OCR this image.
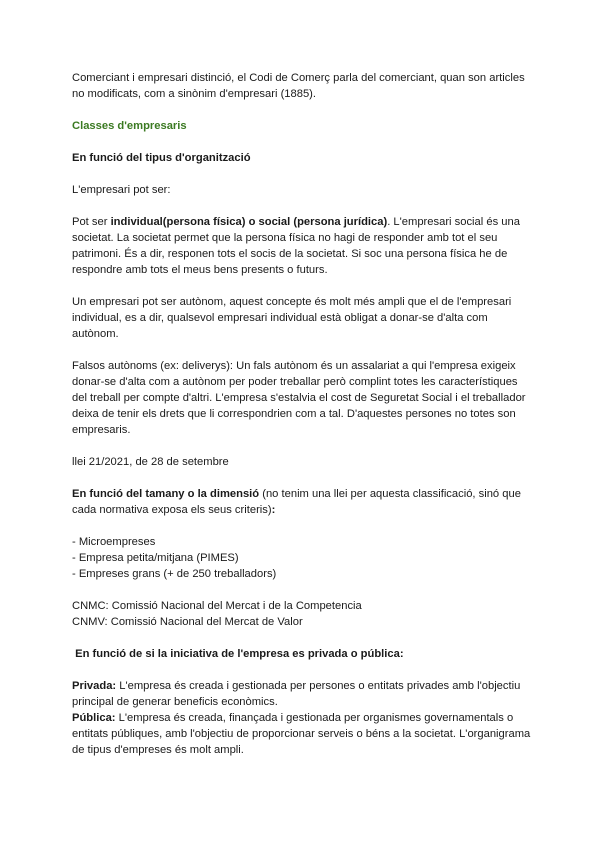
Comerciant i empresari distinció, el Codi de Comerç parla del comerciant, quan son articles no modificats, com a sinònim d'empresari (1885).

Classes d'empresaris

En funció del tipus d'organització

L'empresari pot ser:

Pot ser individual(persona física) o social (persona jurídica). L'empresari social és una societat. La societat permet que la persona física no hagi de responder amb tot el seu patrimoni. És a dir, responen tots el socis de la societat. Si soc una persona física he de respondre amb tots el meus bens presents o futurs.

Un empresari pot ser autònom, aquest concepte és molt més ampli que el de l'empresari individual, es a dir, qualsevol empresari individual està obligat a donar-se d'alta com autònom.

Falsos autònoms (ex: deliverys): Un fals autònom és un assalariat a qui l'empresa exigeix donar-se d'alta com a autònom per poder treballar però complint totes les característiques del treball per compte d'altri. L'empresa s'estalvia el cost de Seguretat Social i el treballador deixa de tenir els drets que li correspondrien com a tal. D'aquestes persones no totes son empresaris.

llei 21/2021, de 28 de setembre

En funció del tamany o la dimensió (no tenim una llei per aquesta classificació, sinó que cada normativa exposa els seus criteris):

- Microempreses

- Empresa petita/mitjana (PIMES)

- Empreses grans (+ de 250 treballadors)

CNMC: Comissió Nacional del Mercat i de la Competencia

CNMV: Comissió Nacional del Mercat de Valor

En funció de si la iniciativa de l'empresa es privada o pública:

Privada: L'empresa és creada i gestionada per persones o entitats privades amb l'objectiu principal de generar beneficis econòmics.

Pública: L'empresa és creada, finançada i gestionada per organismes governamentals o entitats públiques, amb l'objectiu de proporcionar serveis o béns a la societat. L'organigrama de tipus d'empreses és molt ampli.
